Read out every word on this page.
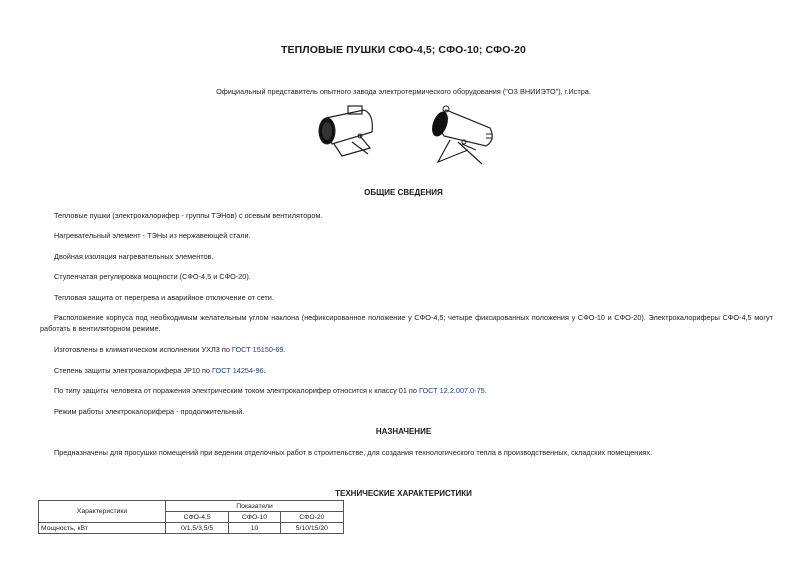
ТЕПЛОВЫЕ ПУШКИ СФО-4,5; СФО-10; СФО-20
Официальный представитель опытного завода электротермического оборудования ("ОЗ ВНИИЭТО"), г.Истра.
ОБЩИЕ СВЕДЕНИЯ
Тепловые пушки (электрокалорифер - группы ТЭНов) с осевым вентилятором.
Нагревательный элемент - ТЭНы из нержавеющей стали.
Двойная изоляция нагревательных элементов.
Ступенчатая регулировка мощности (СФО-4,5 и СФО-20).
Тепловая защита от перегрева и аварийное отключение от сети.
Расположение корпуса под необходимым желательным углом наклона (нефиксированное положение у СФО-4,5; четыре фиксированных положения у СФО-10 и СФО-20). Электрокалориферы СФО-4,5 могут работать в вентиляторном режиме.
Изготовлены в климатическом исполнении УХЛ3 по ГОСТ 15150-69.
Степень защиты электрокалорифера JP10 по ГОСТ 14254-96.
По типу защиты человека от поражения электрическим током электрокалорифер относится к классу 01 по ГОСТ 12.2.007.0-75.
Режим работы электрокалорифера - продолжительный.
НАЗНАЧЕНИЕ
Предназначены для просушки помещений при ведении отделочных работ в строительстве, для создания технологического тепла в производственных, складских помещениях.
ТЕХНИЧЕСКИЕ ХАРАКТЕРИСТИКИ
Характеристики	Показатели		
	СФО-4,5	СФО-10	СФО-20
Мощность, кВт	0/1,5/3,5/5	10	5/10/15/20
